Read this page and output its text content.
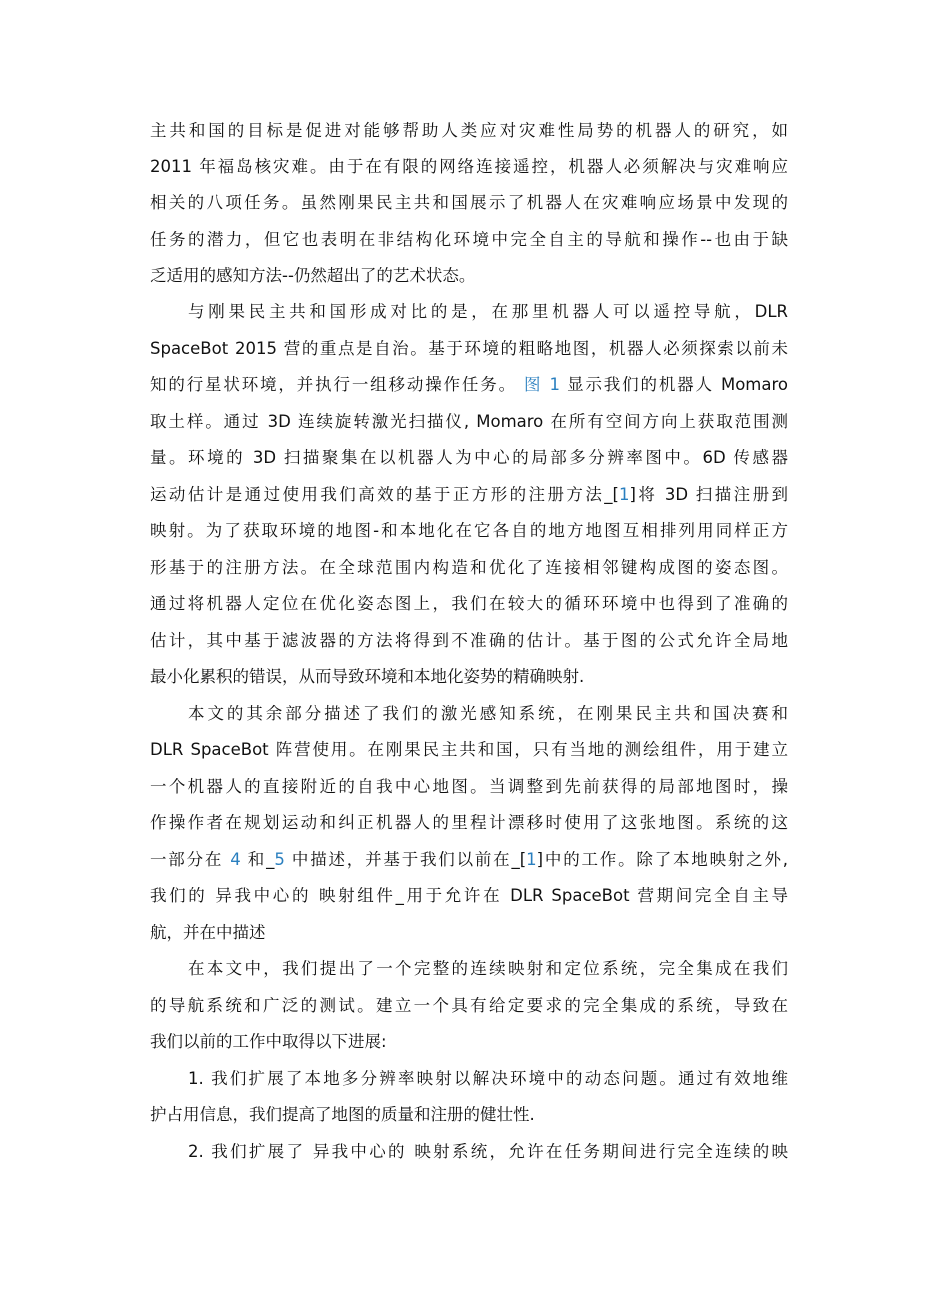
主共和国的目标是促进对能够帮助人类应对灾难性局势的机器人的研究，如
2011 年福岛核灾难。由于在有限的网络连接遥控，机器人必须解决与灾难响应
相关的八项任务。虽然刚果民主共和国展示了机器人在灾难响应场景中发现的
任务的潜力，但它也表明在非结构化环境中完全自主的导航和操作--也由于缺
乏适用的感知方法--仍然超出了的艺术状态。
与刚果民主共和国形成对比的是，在那里机器人可以遥控导航，DLR
SpaceBot 2015 营的重点是自治。基于环境的粗略地图，机器人必须探索以前未
知的行星状环境，并执行一组移动操作任务。 图 1 显示我们的机器人 Momaro
取土样。通过 3D 连续旋转激光扫描仪, Momaro 在所有空间方向上获取范围测
量。环境的 3D 扫描聚集在以机器人为中心的局部多分辨率图中。6D 传感器
运动估计是通过使用我们高效的基于正方形的注册方法_[1]将 3D 扫描注册到
映射。为了获取环境的地图-和本地化在它各自的地方地图互相排列用同样正方
形基于的注册方法。在全球范围内构造和优化了连接相邻键构成图的姿态图。
通过将机器人定位在优化姿态图上，我们在较大的循环环境中也得到了准确的
估计，其中基于滤波器的方法将得到不准确的估计。基于图的公式允许全局地
最小化累积的错误，从而导致环境和本地化姿势的精确映射.
本文的其余部分描述了我们的激光感知系统，在刚果民主共和国决赛和
DLR SpaceBot 阵营使用。在刚果民主共和国，只有当地的测绘组件，用于建立
一个机器人的直接附近的自我中心地图。当调整到先前获得的局部地图时，操
作操作者在规划运动和纠正机器人的里程计漂移时使用了这张地图。系统的这
一部分在 4 和_5 中描述，并基于我们以前在_[1]中的工作。除了本地映射之外,
我们的 异我中心的 映射组件_用于允许在 DLR SpaceBot 营期间完全自主导
航，并在中描述
在本文中，我们提出了一个完整的连续映射和定位系统，完全集成在我们
的导航系统和广泛的测试。建立一个具有给定要求的完全集成的系统，导致在
我们以前的工作中取得以下进展:
1. 我们扩展了本地多分辨率映射以解决环境中的动态问题。通过有效地维
护占用信息，我们提高了地图的质量和注册的健壮性.
2. 我们扩展了 异我中心的 映射系统，允许在任务期间进行完全连续的映
